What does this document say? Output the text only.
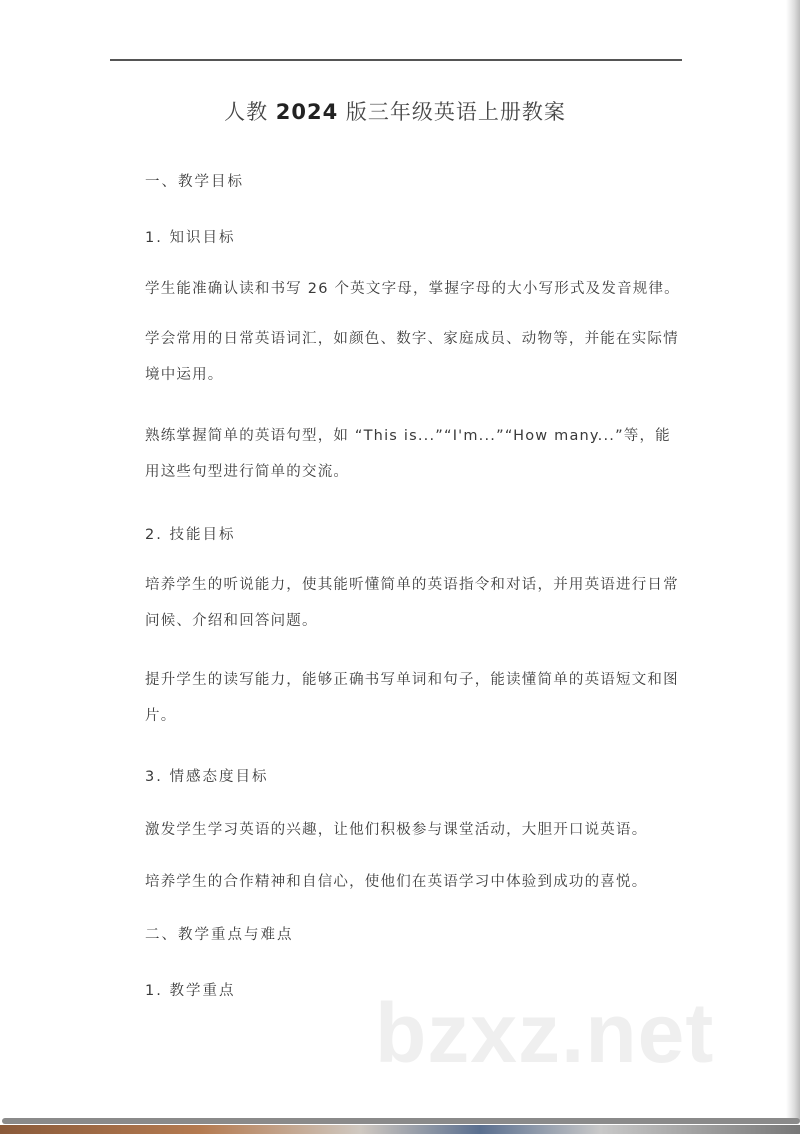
人教 2024 版三年级英语上册教案
一、教学目标
1. 知识目标
学生能准确认读和书写 26 个英文字母，掌握字母的大小写形式及发音规律。
学会常用的日常英语词汇，如颜色、数字、家庭成员、动物等，并能在实际情境中运用。
熟练掌握简单的英语句型，如 “This is...”“I'm...”“How many...”等，能用这些句型进行简单的交流。
2. 技能目标
培养学生的听说能力，使其能听懂简单的英语指令和对话，并用英语进行日常问候、介绍和回答问题。
提升学生的读写能力，能够正确书写单词和句子，能读懂简单的英语短文和图片。
3. 情感态度目标
激发学生学习英语的兴趣，让他们积极参与课堂活动，大胆开口说英语。
培养学生的合作精神和自信心，使他们在英语学习中体验到成功的喜悦。
二、教学重点与难点
1. 教学重点	bzxz.net
